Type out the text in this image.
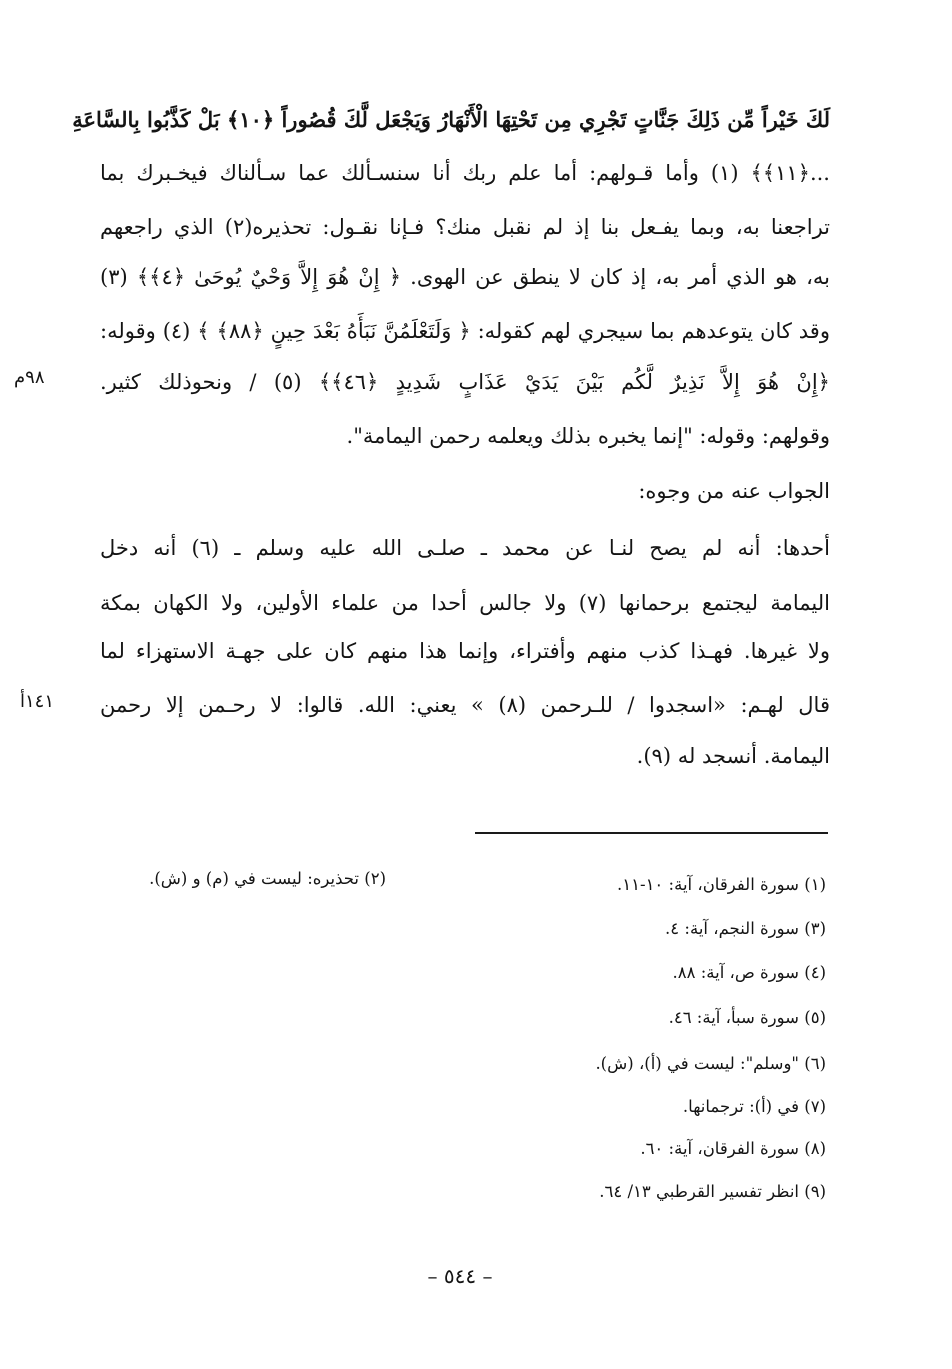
لَكَ خَيْراً مِّن ذَلِكَ جَنَّاتٍ تَجْرِي مِن تَحْتِهَا الْأَنْهَارُ وَيَجْعَل لَّكَ قُصُوراً ﴿١٠﴾ بَلْ كَذَّبُوا بِالسَّاعَةِ
...﴿١١﴾﴾ (١) وأما قـولهم: أما علم ربك أنا سنسـألك عما سـألناك فيخـبرك بما
تراجعنا به، وبما يفـعل بنا إذ لم نقبل منك؟ فـإنا نقـول: تحذيره(٢) الذي راجعهم
به، هو الذي أمر به، إذ كان لا ينطق عن الهوى. ﴿ إِنْ هُوَ إِلاَّ وَحْيٌ يُوحَىٰ ﴿٤﴾﴾ (٣)
وقد كان يتوعدهم بما سيجري لهم كقوله: ﴿ وَلَتَعْلَمُنَّ نَبَأَهُ بَعْدَ حِينٍ ﴿٨٨﴾ ﴾ (٤) وقوله:
﴿إِنْ هُوَ إِلاَّ نَذِيرٌ لَّكُم بَيْنَ يَدَيْ عَذَابٍ شَدِيدٍ ﴿٤٦﴾﴾ (٥) / ونحوذلك كثير.
وقولهم: وقوله: "إنما يخبره بذلك ويعلمه رحمن اليمامة".
الجواب عنه من وجوه:
أحدها: أنه لم يصح لنـا عن محمد ـ صلـى الله عليه وسلم ـ (٦) أنه دخل
اليمامة ليجتمع برحمانها (٧) ولا جالس أحدا من علماء الأولين، ولا الكهان بمكة
ولا غيرها. فهـذا كذب منهم وأفتراء، وإنما هذا منهم كان على جهـة الاستهزاء لما
قال لهـم: «اسجدوا / للـرحمن (٨) » يعني: الله. قالوا: لا رحـمن إلا رحمن
اليمامة. أنسجد له (٩).
٩٨م
١٤١أ
(١) سورة الفرقان، آية: ١٠-١١.
(٢) تحذيره: ليست في (م) و (ش).
(٣) سورة النجم، آية: ٤.
(٤) سورة ص، آية: ٨٨.
(٥) سورة سبأ، آية: ٤٦.
(٦) "وسلم": ليست في (أ)، (ش).
(٧) في (أ): ترجمانها.
(٨) سورة الفرقان، آية: ٦٠.
(٩) انظر تفسير القرطبي ١٣/ ٦٤.
– ٥٤٤ –
